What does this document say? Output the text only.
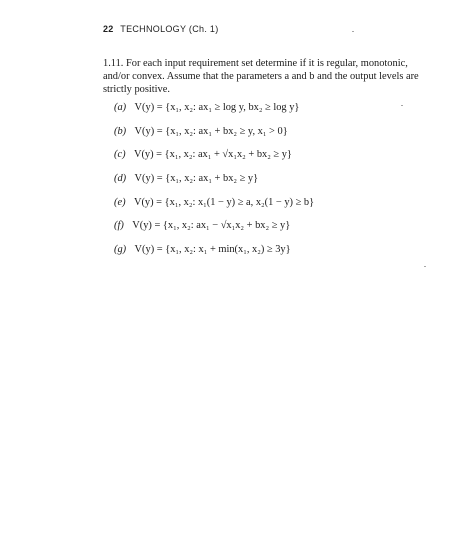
22 TECHNOLOGY (Ch. 1)
1.11. For each input requirement set determine if it is regular, monotonic, and/or convex. Assume that the parameters a and b and the output levels are strictly positive.
(a) V(y) = {x₁, x₂: ax₁ ≥ log y, bx₂ ≥ log y}
(b) V(y) = {x₁, x₂: ax₁ + bx₂ ≥ y, x₁ > 0}
(c) V(y) = {x₁, x₂: ax₁ + √x₁x₂ + bx₂ ≥ y}
(d) V(y) = {x₁, x₂: ax₁ + bx₂ ≥ y}
(e) V(y) = {x₁, x₂: x₁(1 − y) ≥ a, x₂(1 − y) ≥ b}
(f) V(y) = {x₁, x₂: ax₁ − √x₁x₂ + bx₂ ≥ y}
(g) V(y) = {x₁, x₂: x₁ + min(x₁, x₂) ≥ 3y}
